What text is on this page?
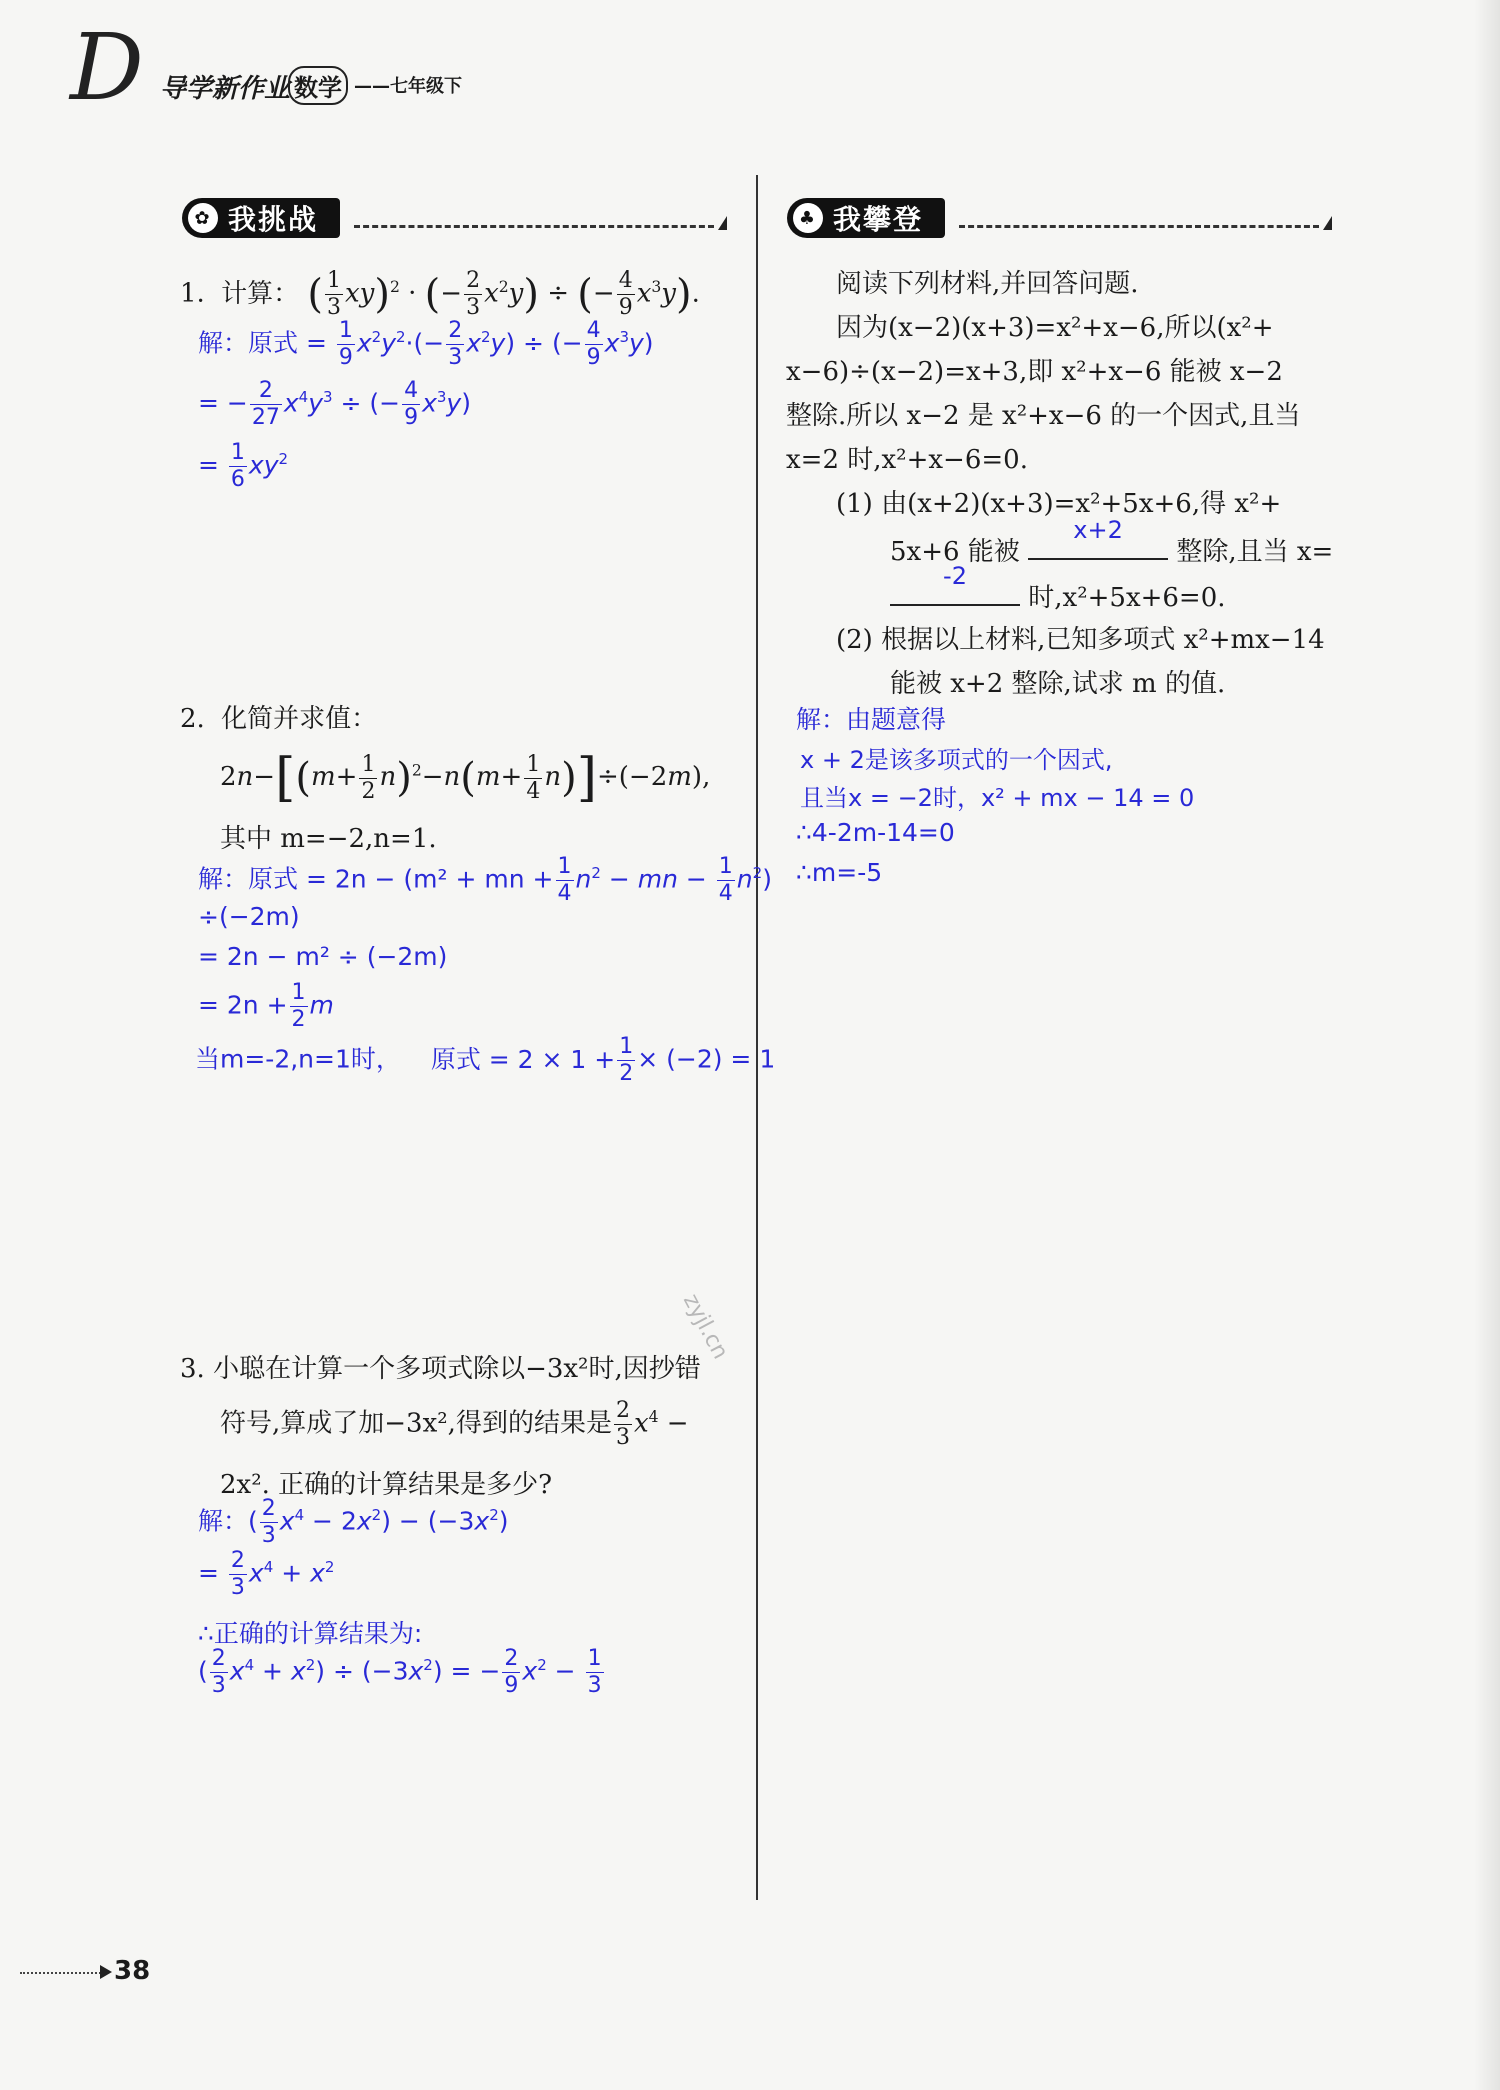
D 导学新作业 数学 ——七年级下
✿ 我挑战	♣ 我攀登
1. 计算： ( $\frac{1}{3} xy)^2$ · (− $\frac{2}{3} x^2y$) ÷ (− $\frac{4}{9} x^3y$).
解：原式 = $\frac{1}{9} x^2y^2\cdot(- \frac{2}{3} x^2y)$ ÷ (− $\frac{4}{9} x^3y$)
= − $\frac{2}{27} x^4y^3$ ÷ (− $\frac{4}{9} x^3y$)
= $\frac{1}{6} xy^2$
2. 化简并求值：
$2n-[(m+ \frac{1}{2} n)^2-n(m+ \frac{1}{4} n)]\div(-2m)$,
其中 m=−2,n=1.
解：原式 = 2n − (m² + mn + $\frac{1}{4} n^2$ − mn − $\frac{1}{4} n^2$)
÷(−2m)
= 2n − m² ÷ (−2m)
= $2n + \frac{1}{2}$ m
当m=-2,n=1时， 原式 = $2 \times 1 + \frac{1}{2} \times (-2) = 1$
zyjl.cn
3. 小聪在计算一个多项式除以−3x²时,因抄错
符号,算成了加−3x²,得到的结果是 $\frac{2}{3} x^4$ −
2x². 正确的计算结果是多少?
解：( $\frac{2}{3} x^4 - 2x^2) - (-3x^2)$
= $\frac{2}{3} x^4 + x^2$
∴正确的计算结果为:
( $\frac{2}{3} x^4 + x^2) \div (-3x^2)$ = − $\frac{2}{9} x^2 - \frac{1}{3}$
阅读下列材料,并回答问题.
因为(x−2)(x+3)=x²+x−6,所以(x²+
x−6)÷(x−2)=x+3,即 x²+x−6 能被 x−2
整除.所以 x−2 是 x²+x−6 的一个因式,且当
x=2 时,x²+x−6=0.
(1) 由(x+2)(x+3)=x²+5x+6,得 x²+
5x+6 能被
x+2
整除,且当 x=
-2
时,x²+5x+6=0.
(2) 根据以上材料,已知多项式 x²+mx−14
能被 x+2 整除,试求 m 的值.
解：由题意得
x + 2是该多项式的一个因式,
且当x = −2时，x² + mx − 14 = 0
∴4-2m-14=0
∴m=-5
38
